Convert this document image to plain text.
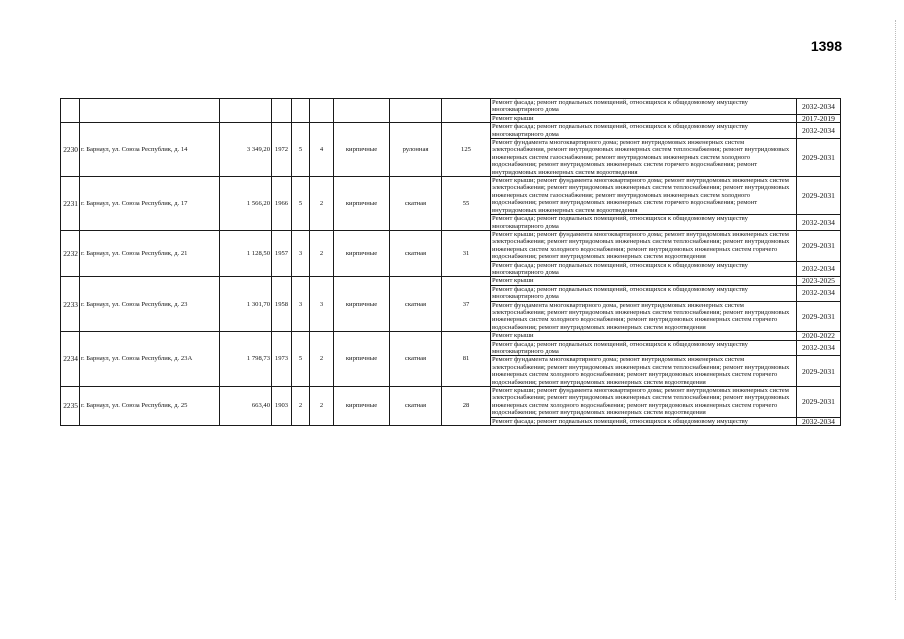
1398
									Ремонт фасада; ремонт подвальных помещений, относящихся к общедомовому имуществу многоквартирного дома	2032-2034
									Ремонт крыши	2017-2019
2230	г. Барнаул, ул. Союза Республик, д. 14	3 349,20	1972	5	4	кирпичные	рулонная	125	Ремонт фасада; ремонт подвальных помещений, относящихся к общедомовому имуществу многоквартирного дома	2032-2034
									Ремонт фундамента многоквартирного дома; ремонт внутридомовых инженерных систем электроснабжения, ремонт внутридомовых инженерных систем теплоснабжения; ремонт внутридомовых инженерных систем газоснабжения; ремонт внутридомовых инженерных систем холодного водоснабжения; ремонт внутридомовых инженерных систем горячего водоснабжения; ремонт внутридомовых инженерных систем водоотведения	2029-2031
2231	г. Барнаул, ул. Союза Республик, д. 17	1 566,20	1966	5	2	кирпичные	скатная	55	Ремонт крыши; ремонт фундамента многоквартирного дома; ремонт внутридомовых инженерных систем электроснабжения; ремонт внутридомовых инженерных систем теплоснабжения; ремонт внутридомовых инженерных систем газоснабжения; ремонт внутридомовых инженерных систем холодного водоснабжения; ремонт внутридомовых инженерных систем горячего водоснабжения; ремонт внутридомовых инженерных систем водоотведения	2029-2031
									Ремонт фасада; ремонт подвальных помещений, относящихся к общедомовому имуществу многоквартирного дома	2032-2034
2232	г. Барнаул, ул. Союза Республик, д. 21	1 128,50	1957	3	2	кирпичные	скатная	31	Ремонт крыши; ремонт фундамента многоквартирного дома; ремонт внутридомовых инженерных систем электроснабжения; ремонт внутридомовых инженерных систем теплоснабжения; ремонт внутридомовых инженерных систем холодного водоснабжения; ремонт внутридомовых инженерных систем горячего водоснабжения; ремонт внутридомовых инженерных систем водоотведения	2029-2031
									Ремонт фасада; ремонт подвальных помещений, относящихся к общедомовому имуществу многоквартирного дома	2032-2034
2233	г. Барнаул, ул. Союза Республик, д. 23	1 301,70	1958	3	3	кирпичные	скатная	37	Ремонт крыши	2023-2025
									Ремонт фасада; ремонт подвальных помещений, относящихся к общедомовому имуществу многоквартирного дома	2032-2034
									Ремонт фундамента многоквартирного дома, ремонт внутридомовых инженерных систем электроснабжения; ремонт внутридомовых инженерных систем теплоснабжения; ремонт внутридомовых инженерных систем холодного водоснабжения; ремонт внутридомовых инженерных систем горячего водоснабжения; ремонт внутридомовых инженерных систем водоотведения	2029-2031
2234	г. Барнаул, ул. Союза Республик, д. 23А	1 798,73	1973	5	2	кирпичные	скатная	81	Ремонт крыши	2020-2022
									Ремонт фасада; ремонт подвальных помещений, относящихся к общедомовому имуществу многоквартирного дома	2032-2034
									Ремонт фундамента многоквартирного дома; ремонт внутридомовых инженерных систем электроснабжения; ремонт внутридомовых инженерных систем теплоснабжения; ремонт внутридомовых инженерных систем холодного водоснабжения; ремонт внутридомовых инженерных систем горячего водоснабжения; ремонт внутридомовых инженерных систем водоотведения	2029-2031
2235	г. Барнаул, ул. Союза Республик, д. 25	663,40	1903	2	2	кирпичные	скатная	28	Ремонт крыши; ремонт фундамента многоквартирного дома; ремонт внутридомовых инженерных систем электроснабжения; ремонт внутридомовых инженерных систем теплоснабжения; ремонт внутридомовых инженерных систем холодного водоснабжения; ремонт внутридомовых инженерных систем горячего водоснабжения; ремонт внутридомовых инженерных систем водоотведения	2029-2031
									Ремонт фасада; ремонт подвальных помещений, относящихся к общедомовому имуществу	2032-2034
